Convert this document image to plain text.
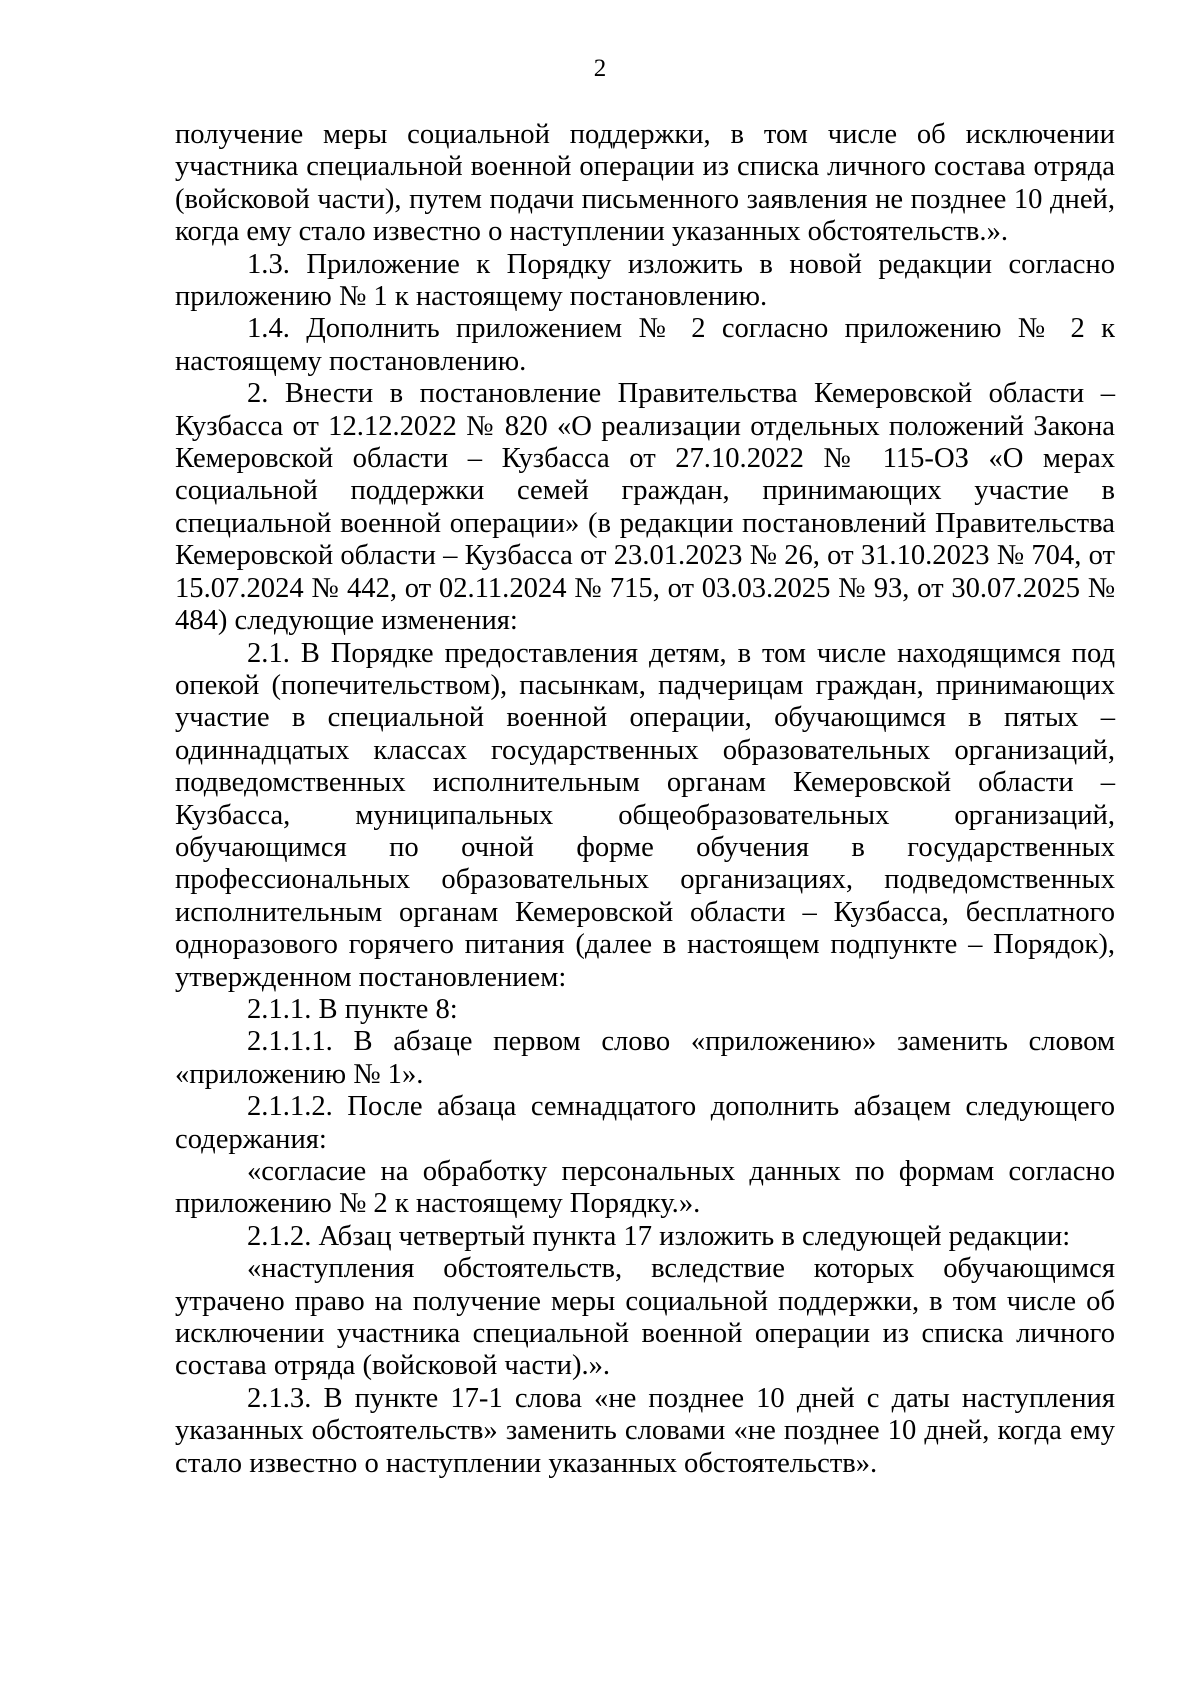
2

получение меры социальной поддержки, в том числе об исключении участника специальной военной операции из списка личного состава отряда (войсковой части), путем подачи письменного заявления не позднее 10 дней, когда ему стало известно о наступлении указанных обстоятельств.».

1.3. Приложение к Порядку изложить в новой редакции согласно приложению № 1 к настоящему постановлению.

1.4. Дополнить приложением № 2 согласно приложению № 2 к настоящему постановлению.

2. Внести в постановление Правительства Кемеровской области – Кузбасса от 12.12.2022 № 820 «О реализации отдельных положений Закона Кемеровской области – Кузбасса от 27.10.2022 № 115-ОЗ «О мерах социальной поддержки семей граждан, принимающих участие в специальной военной операции» (в редакции постановлений Правительства Кемеровской области – Кузбасса от 23.01.2023 № 26, от 31.10.2023 № 704, от 15.07.2024 № 442, от 02.11.2024 № 715, от 03.03.2025 № 93, от 30.07.2025 № 484) следующие изменения:

2.1. В Порядке предоставления детям, в том числе находящимся под опекой (попечительством), пасынкам, падчерицам граждан, принимающих участие в специальной военной операции, обучающимся в пятых – одиннадцатых классах государственных образовательных организаций, подведомственных исполнительным органам Кемеровской области – Кузбасса, муниципальных общеобразовательных организаций, обучающимся по очной форме обучения в государственных профессиональных образовательных организациях, подведомственных исполнительным органам Кемеровской области – Кузбасса, бесплатного одноразового горячего питания (далее в настоящем подпункте – Порядок), утвержденном постановлением:

2.1.1. В пункте 8:

2.1.1.1. В абзаце первом слово «приложению» заменить словом «приложению № 1».

2.1.1.2. После абзаца семнадцатого дополнить абзацем следующего содержания:

«согласие на обработку персональных данных по формам согласно приложению № 2 к настоящему Порядку.».

2.1.2. Абзац четвертый пункта 17 изложить в следующей редакции:

«наступления обстоятельств, вследствие которых обучающимся утрачено право на получение меры социальной поддержки, в том числе об исключении участника специальной военной операции из списка личного состава отряда (войсковой части).».

2.1.3. В пункте 17-1 слова «не позднее 10 дней с даты наступления указанных обстоятельств» заменить словами «не позднее 10 дней, когда ему стало известно о наступлении указанных обстоятельств».
